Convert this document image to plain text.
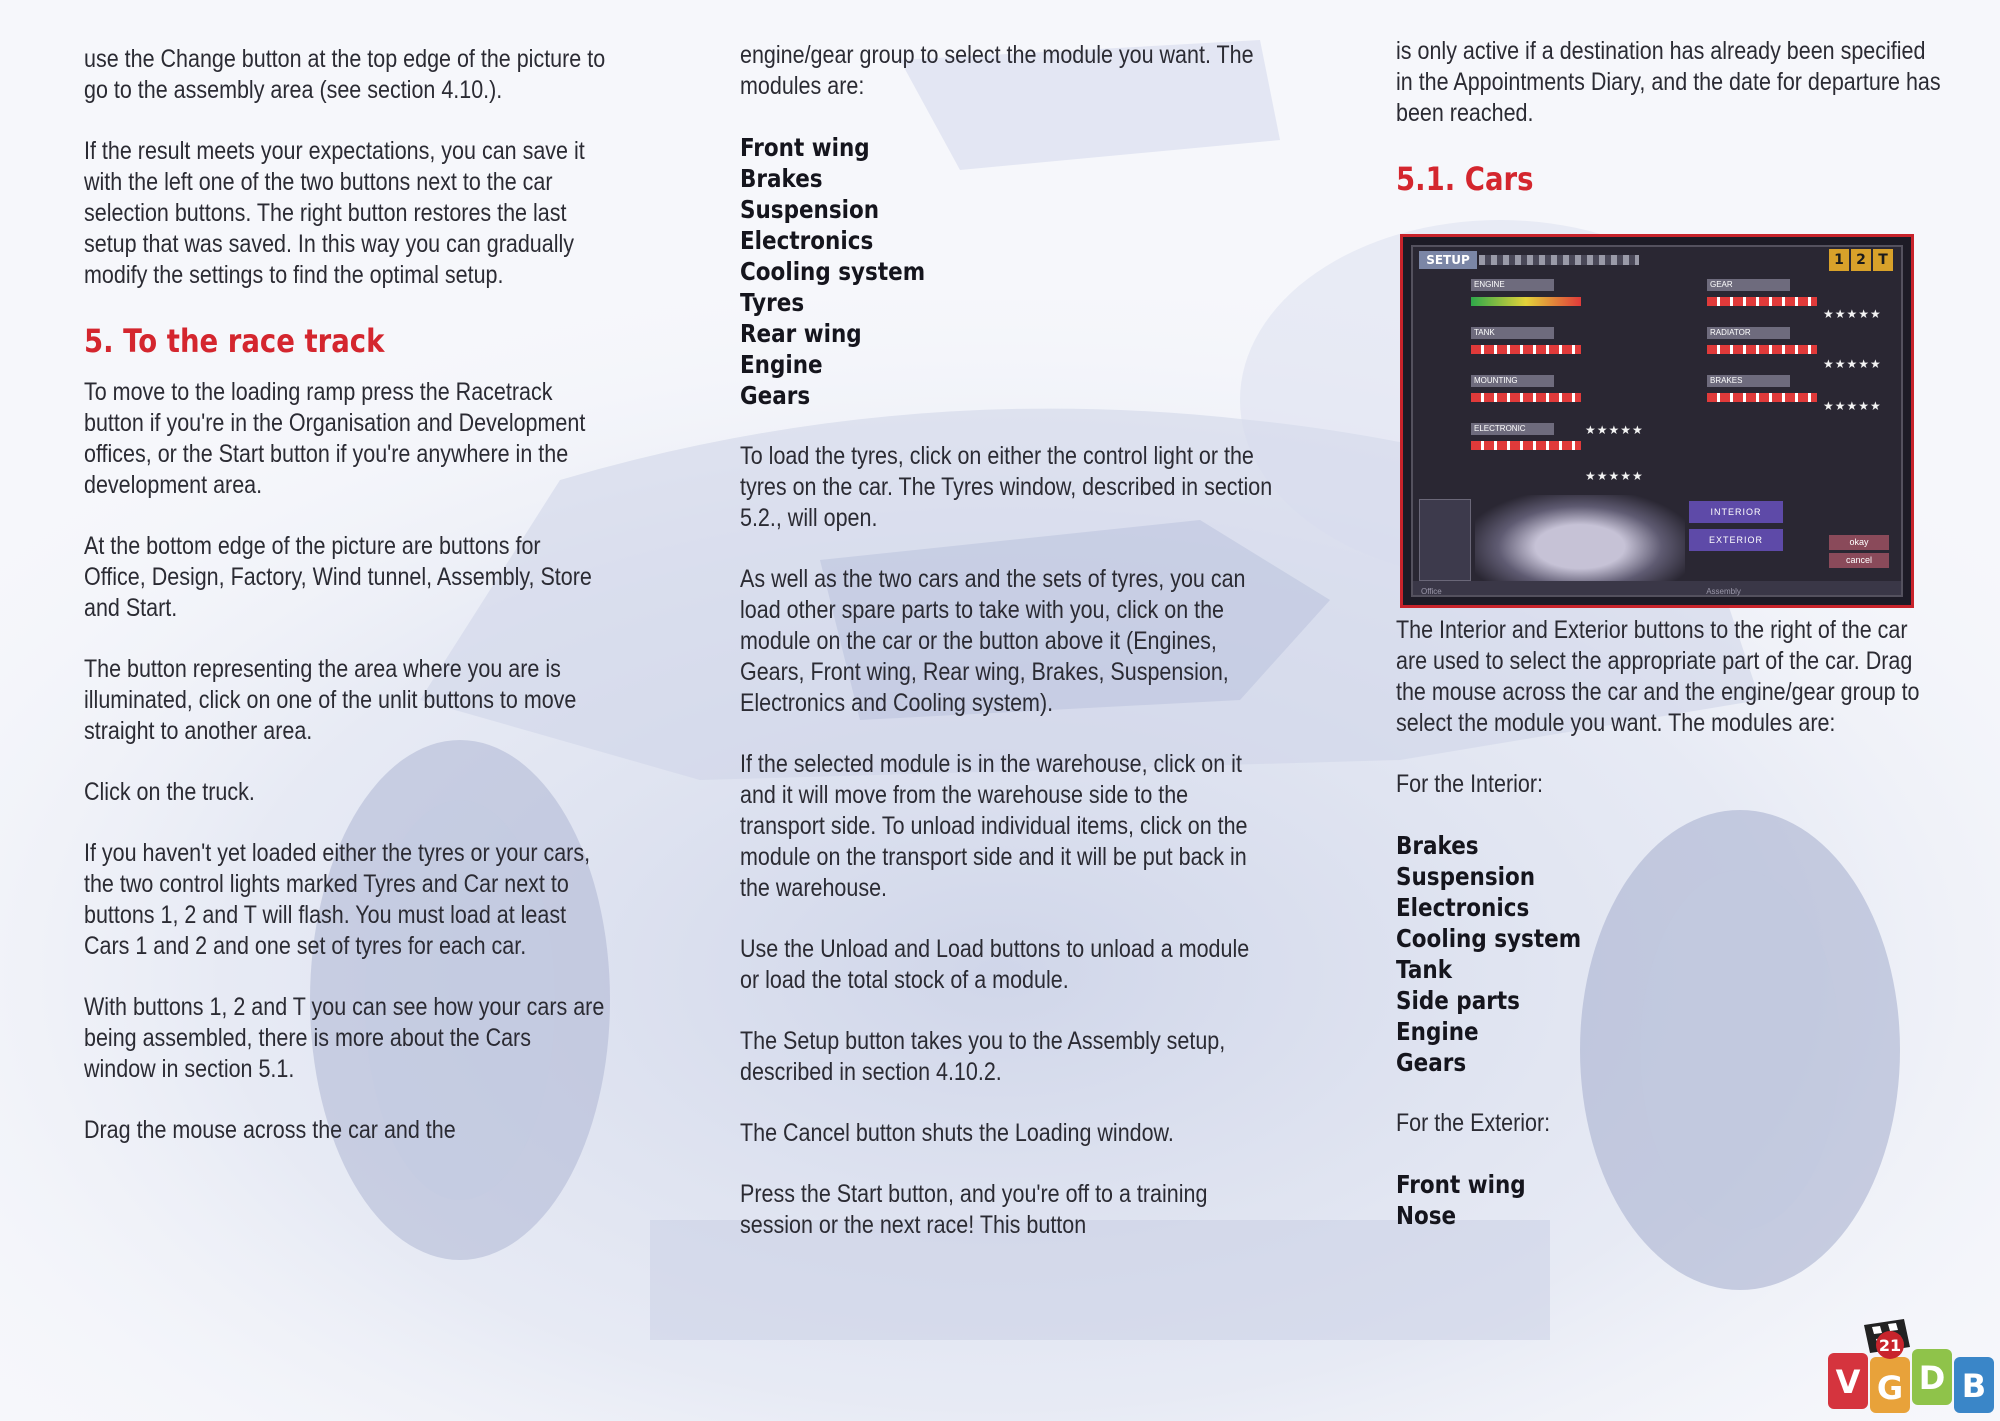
use the Change button at the top edge of the picture to go to the assembly area (see section 4.10.).

If the result meets your expectations, you can save it with the left one of the two buttons next to the car selection buttons. The right button restores the last setup that was saved. In this way you can gradually modify the settings to find the optimal setup.

5. To the race track

To move to the loading ramp press the Racetrack button if you're in the Organisation and Development offices, or the Start button if you're anywhere in the development area.

At the bottom edge of the picture are buttons for Office, Design, Factory, Wind tunnel, Assembly, Store and Start.

The button representing the area where you are is illuminated, click on one of the unlit buttons to move straight to another area.

Click on the truck.

If you haven't yet loaded either the tyres or your cars, the two control lights marked Tyres and Car next to buttons 1, 2 and T will flash. You must load at least Cars 1 and 2 and one set of tyres for each car.

With buttons 1, 2 and T you can see how your cars are being assembled, there is more about the Cars window in section 5.1.

Drag the mouse across the car and the

engine/gear group to select the module you want. The modules are:

Front wing
Brakes
Suspension
Electronics
Cooling system
Tyres
Rear wing
Engine
Gears

To load the tyres, click on either the control light or the tyres on the car. The Tyres window, described in section 5.2., will open.

As well as the two cars and the sets of tyres, you can load other spare parts to take with you, click on the module on the car or the button above it (Engines, Gears, Front wing, Rear wing, Brakes, Suspension, Electronics and Cooling system).

If the selected module is in the warehouse, click on it and it will move from the warehouse side to the transport side. To unload individual items, click on the module on the transport side and it will be put back in the warehouse.

Use the Unload and Load buttons to unload a module or load the total stock of a module.

The Setup button takes you to the Assembly setup, described in section 4.10.2.

The Cancel button shuts the Loading window.

Press the Start button, and you're off to a training session or the next race! This button

is only active if a destination has already been specified in the Appointments Diary, and the date for departure has been reached.

5.1. Cars

The Interior and Exterior buttons to the right of the car are used to select the appropriate part of the car. Drag the mouse across the car and the engine/gear group to select the module you want. The modules are:

For the Interior:

Brakes
Suspension
Electronics
Cooling system
Tank
Side parts
Engine
Gears

For the Exterior:

Front wing
Nose
SETUP	1 2 T
ENGINE
TANK
MOUNTING
ELECTRONIC	★★★★★
★★★★★
GEAR
RADIATOR
BRAKES
★★★★★
★★★★★
★★★★★
INTERIOR
EXTERIOR	okay
cancel
Office	Assembly
21
V G D B
